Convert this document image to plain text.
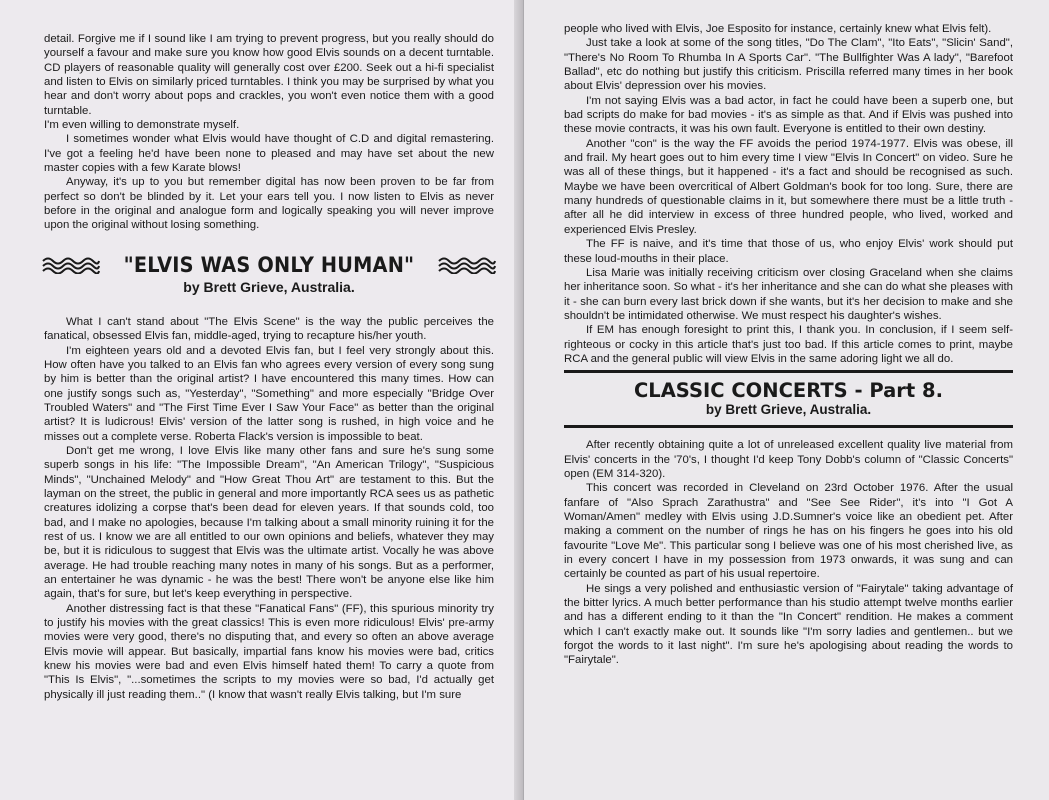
detail. Forgive me if I sound like I am trying to prevent progress, but you really should do yourself a favour and make sure you know how good Elvis sounds on a decent turntable. CD players of reasonable quality will generally cost over £200. Seek out a hi-fi specialist and listen to Elvis on similarly priced turntables. I think you may be surprised by what you hear and don't worry about pops and crackles, you won't even notice them with a good turntable.

I'm even willing to demonstrate myself.

I sometimes wonder what Elvis would have thought of C.D and digital remastering. I've got a feeling he'd have been none to pleased and may have set about the new master copies with a few Karate blows!

Anyway, it's up to you but remember digital has now been proven to be far from perfect so don't be blinded by it. Let your ears tell you. I now listen to Elvis as never before in the original and analogue form and logically speaking you will never improve upon the original without losing something.

"ELVIS WAS ONLY HUMAN"
by Brett Grieve, Australia.

What I can't stand about "The Elvis Scene" is the way the public perceives the fanatical, obsessed Elvis fan, middle-aged, trying to recapture his/her youth.

I'm eighteen years old and a devoted Elvis fan, but I feel very strongly about this. How often have you talked to an Elvis fan who agrees every version of every song sung by him is better than the original artist? I have encountered this many times. How can one justify songs such as, "Yesterday", "Something" and more especially "Bridge Over Troubled Waters" and "The First Time Ever I Saw Your Face" as better than the original artist? It is ludicrous! Elvis' version of the latter song is rushed, in high voice and he misses out a complete verse. Roberta Flack's version is impossible to beat.

Don't get me wrong, I love Elvis like many other fans and sure he's sung some superb songs in his life: "The Impossible Dream", "An American Trilogy", "Suspicious Minds", "Unchained Melody" and "How Great Thou Art" are testament to this. But the layman on the street, the public in general and more importantly RCA sees us as pathetic creatures idolizing a corpse that's been dead for eleven years. If that sounds cold, too bad, and I make no apologies, because I'm talking about a small minority ruining it for the rest of us. I know we are all entitled to our own opinions and beliefs, whatever they may be, but it is ridiculous to suggest that Elvis was the ultimate artist. Vocally he was above average. He had trouble reaching many notes in many of his songs. But as a performer, an entertainer he was dynamic - he was the best! There won't be anyone else like him again, that's for sure, but let's keep everything in perspective.

Another distressing fact is that these "Fanatical Fans" (FF), this spurious minority try to justify his movies with the great classics! This is even more ridiculous! Elvis' pre-army movies were very good, there's no disputing that, and every so often an above average Elvis movie will appear. But basically, impartial fans know his movies were bad, critics knew his movies were bad and even Elvis himself hated them! To carry a quote from "This Is Elvis", "...sometimes the scripts to my movies were so bad, I'd actually get physically ill just reading them.." (I know that wasn't really Elvis talking, but I'm sure

people who lived with Elvis, Joe Esposito for instance, certainly knew what Elvis felt).

Just take a look at some of the song titles, "Do The Clam", "Ito Eats", "Slicin' Sand", "There's No Room To Rhumba In A Sports Car". "The Bullfighter Was A lady", "Barefoot Ballad", etc do nothing but justify this criticism. Priscilla referred many times in her book about Elvis' depression over his movies.

I'm not saying Elvis was a bad actor, in fact he could have been a superb one, but bad scripts do make for bad movies - it's as simple as that. And if Elvis was pushed into these movie contracts, it was his own fault. Everyone is entitled to their own destiny.

Another "con" is the way the FF avoids the period 1974-1977. Elvis was obese, ill and frail. My heart goes out to him every time I view "Elvis In Concert" on video. Sure he was all of these things, but it happened - it's a fact and should be recognised as such. Maybe we have been overcritical of Albert Goldman's book for too long. Sure, there are many hundreds of questionable claims in it, but somewhere there must be a little truth - after all he did interview in excess of three hundred people, who lived, worked and experienced Elvis Presley.

The FF is naive, and it's time that those of us, who enjoy Elvis' work should put these loud-mouths in their place.

Lisa Marie was initially receiving criticism over closing Graceland when she claims her inheritance soon. So what - it's her inheritance and she can do what she pleases with it - she can burn every last brick down if she wants, but it's her decision to make and she shouldn't be intimidated otherwise. We must respect his daughter's wishes.

If EM has enough foresight to print this, I thank you. In conclusion, if I seem self-righteous or cocky in this article that's just too bad. If this article comes to print, maybe RCA and the general public will view Elvis in the same adoring light we all do.

CLASSIC CONCERTS - Part 8.
by Brett Grieve, Australia.

After recently obtaining quite a lot of unreleased excellent quality live material from Elvis' concerts in the '70's, I thought I'd keep Tony Dobb's column of "Classic Concerts" open (EM 314-320).

This concert was recorded in Cleveland on 23rd October 1976. After the usual fanfare of "Also Sprach Zarathustra" and "See See Rider", it's into "I Got A Woman/Amen" medley with Elvis using J.D.Sumner's voice like an obedient pet. After making a comment on the number of rings he has on his fingers he goes into his old favourite "Love Me". This particular song I believe was one of his most cherished live, as in every concert I have in my possession from 1973 onwards, it was sung and can certainly be counted as part of his usual repertoire.

He sings a very polished and enthusiastic version of "Fairytale" taking advantage of the bitter lyrics. A much better performance than his studio attempt twelve months earlier and has a different ending to it than the "In Concert" rendition. He makes a comment which I can't exactly make out. It sounds like "I'm sorry ladies and gentlemen.. but we forgot the words to it last night". I'm sure he's apologising about reading the words to "Fairytale".
